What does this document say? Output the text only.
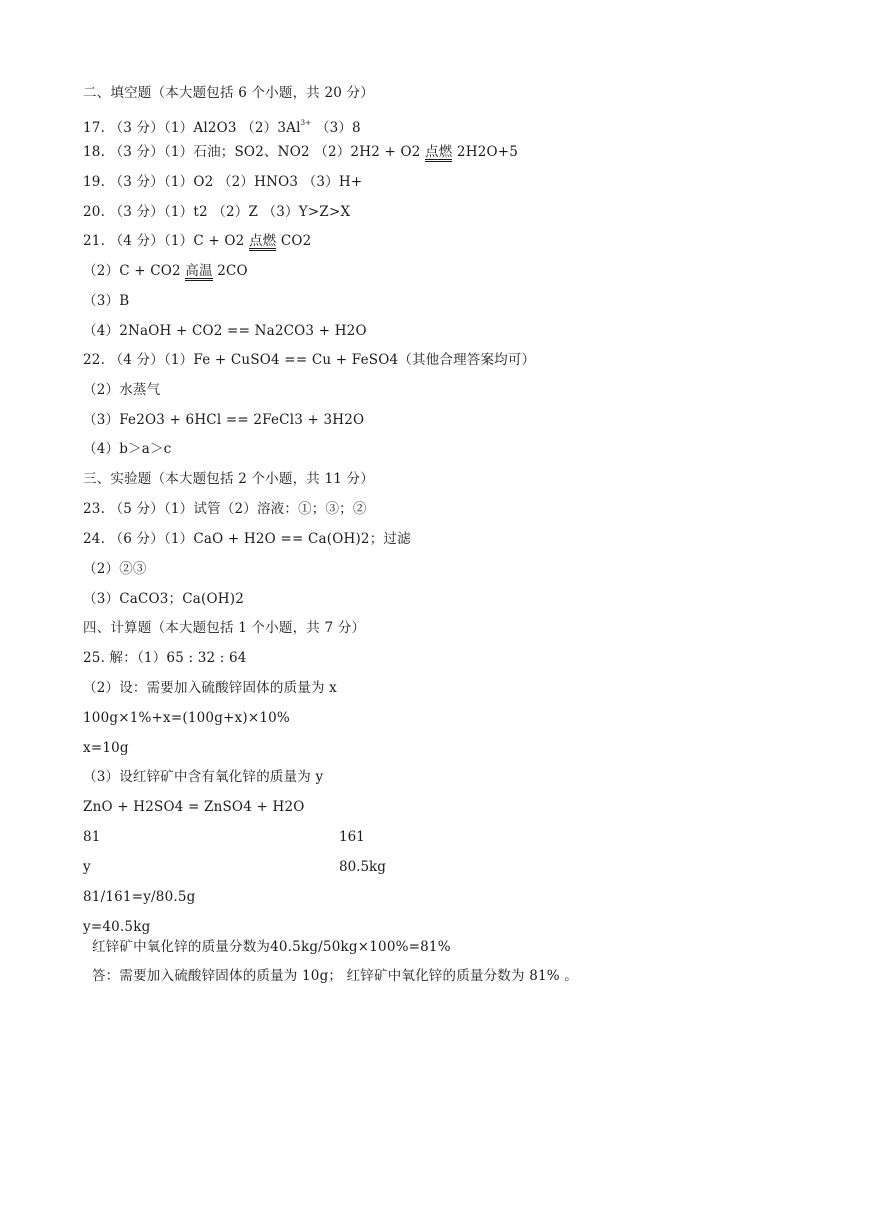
二、填空题（本大题包括 6 个小题，共 20 分）
17. （3 分）（1）Al2O3 $(2)3Al^{3+}$ （3）8
18. （3 分）（1）石油；SO2、NO2 （2）2H2 + O2 点燃 2H2O+5
19. （3 分）（1）O2 （2）HNO3 （3）H+
20. （3 分）（1）t2 （2）Z （3）Y>Z>X
21. （4 分）（1）C + O2 点燃 CO2
（2）C + CO2 高温 2CO
（3）B
（4）2NaOH + CO2 == Na2CO3 + H2O
22. （4 分）（1）Fe + CuSO4 == Cu + FeSO4（其他合理答案均可）
（2）水蒸气
（3）Fe2O3 + 6HCl == 2FeCl3 + 3H2O
（4）b＞a＞c
三、实验题（本大题包括 2 个小题，共 11 分）
23. （5 分）（1）试管（2）溶液：①；③；②
24. （6 分）（1）CaO + H2O == Ca(OH)2；过滤
（2）②③
（3）CaCO3；Ca(OH)2
四、计算题（本大题包括 1 个小题，共 7 分）
25. 解：（1）65 : 32 : 64
（2）设：需要加入硫酸锌固体的质量为 x
100g×1%+x=(100g+x)×10%
x=10g
（3）设红锌矿中含有氧化锌的质量为 y
ZnO + H2SO4 = ZnSO4 + H2O
81	161
y	80.5kg
81/161=y/80.5g
y=40.5kg
红锌矿中氧化锌的质量分数为40.5kg/50kg×100%=81%
答：需要加入硫酸锌固体的质量为 10g； 红锌矿中氧化锌的质量分数为 81% 。
